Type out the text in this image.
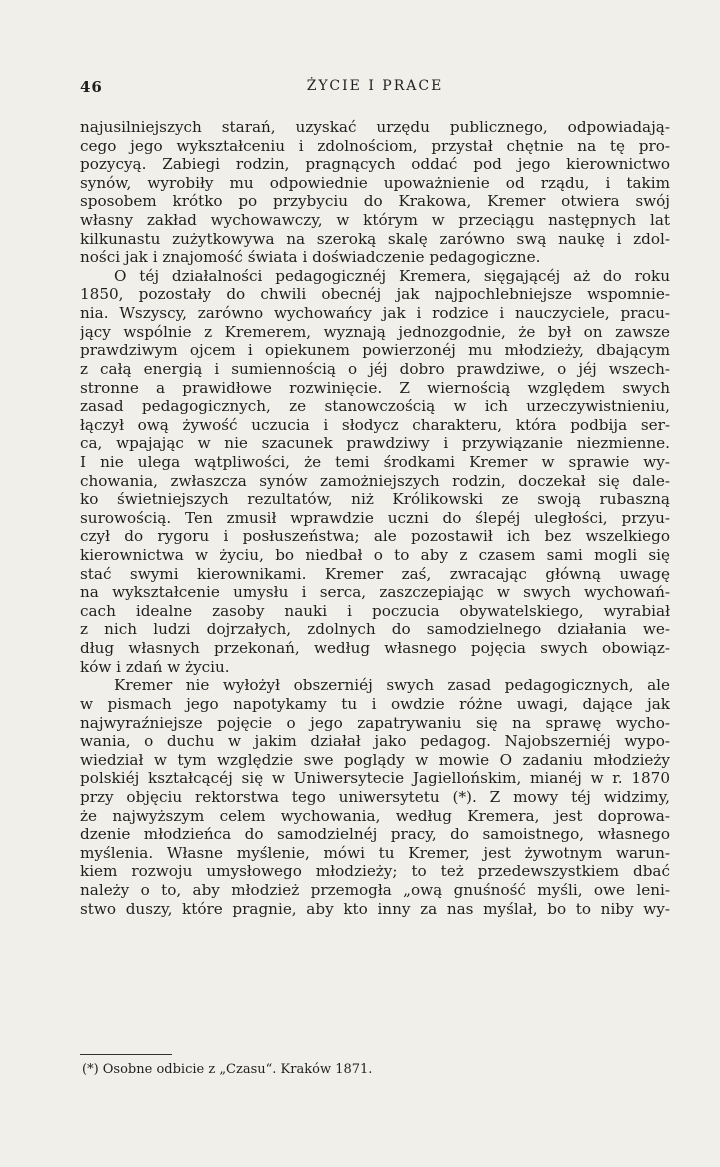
46	ŻYCIE I PRACE
najusilniejszych starań, uzyskać urzędu publicznego, odpowiadają-
cego jego wykształceniu i zdolnościom, przystał chętnie na tę pro-
pozycyą. Zabiegi rodzin, pragnących oddać pod jego kierownictwo
synów, wyrobiły mu odpowiednie upoważnienie od rządu, i takim
sposobem krótko po przybyciu do Krakowa, Kremer otwiera swój
własny zakład wychowawczy, w którym w przeciągu następnych lat
kilkunastu zużytkowywa na szeroką skalę zarówno swą naukę i zdol-
ności jak i znajomość świata i doświadczenie pedagogiczne.
O téj działalności pedagogicznéj Kremera, sięgającéj aż do roku
1850, pozostały do chwili obecnéj jak najpochlebniejsze wspomnie-
nia. Wszyscy, zarówno wychowańcy jak i rodzice i nauczyciele, pracu-
jący wspólnie z Kremerem, wyznają jednozgodnie, że był on zawsze
prawdziwym ojcem i opiekunem powierzonéj mu młodzieży, dbającym
z całą energią i sumiennością o jéj dobro prawdziwe, o jéj wszech-
stronne a prawidłowe rozwinięcie. Z wiernością względem swych
zasad pedagogicznych, ze stanowczością w ich urzeczywistnieniu,
łączył ową żywość uczucia i słodycz charakteru, która podbija ser-
ca, wpajając w nie szacunek prawdziwy i przywiązanie niezmienne.
I nie ulega wątpliwości, że temi środkami Kremer w sprawie wy-
chowania, zwłaszcza synów zamożniejszych rodzin, doczekał się dale-
ko świetniejszych rezultatów, niż Królikowski ze swoją rubaszną
surowością. Ten zmusił wprawdzie uczni do ślepéj uległości, przyu-
czył do rygoru i posłuszeństwa; ale pozostawił ich bez wszelkiego
kierownictwa w życiu, bo niedbał o to aby z czasem sami mogli się
stać swymi kierownikami. Kremer zaś, zwracając główną uwagę
na wykształcenie umysłu i serca, zaszczepiając w swych wychowań-
cach idealne zasoby nauki i poczucia obywatelskiego, wyrabiał
z nich ludzi dojrzałych, zdolnych do samodzielnego działania we-
dług własnych przekonań, według własnego pojęcia swych obowiąz-
ków i zdań w życiu.
Kremer nie wyłożył obszerniéj swych zasad pedagogicznych, ale
w pismach jego napotykamy tu i owdzie różne uwagi, dające jak
najwyraźniejsze pojęcie o jego zapatrywaniu się na sprawę wycho-
wania, o duchu w jakim działał jako pedagog. Najobszerniéj wypo-
wiedział w tym względzie swe poglądy w mowie O zadaniu młodzieży
polskiéj kształcącéj się w Uniwersytecie Jagiellońskim, mianéj w r. 1870
przy objęciu rektorstwa tego uniwersytetu (*). Z mowy téj widzimy,
że najwyższym celem wychowania, według Kremera, jest doprowa-
dzenie młodzieńca do samodzielnéj pracy, do samoistnego, własnego
myślenia. Własne myślenie, mówi tu Kremer, jest żywotnym warun-
kiem rozwoju umysłowego młodzieży; to też przedewszystkiem dbać
należy o to, aby młodzież przemogła „ową gnuśność myśli, owe leni-
stwo duszy, które pragnie, aby kto inny za nas myślał, bo to niby wy-
(*) Osobne odbicie z „Czasu“. Kraków 1871.
